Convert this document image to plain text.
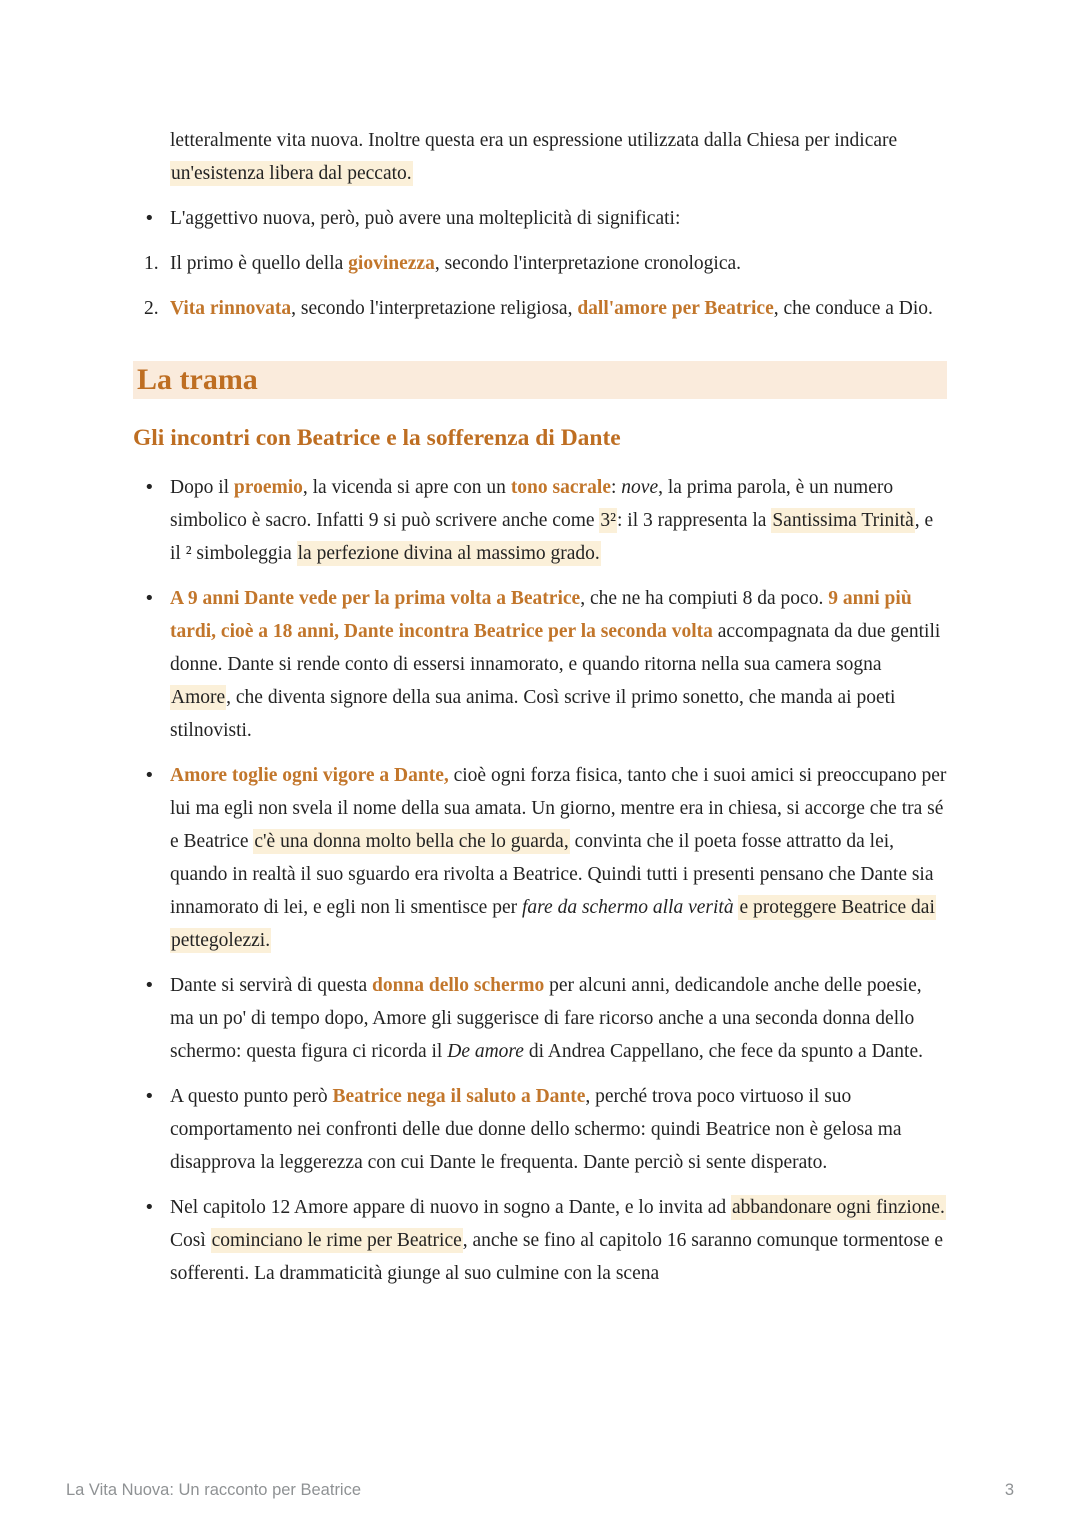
letteralmente vita nuova. Inoltre questa era un espressione utilizzata dalla Chiesa per indicare un'esistenza libera dal peccato.

• L'aggettivo nuova, però, può avere una molteplicità di significati:
1. Il primo è quello della giovinezza, secondo l'interpretazione cronologica.
2. Vita rinnovata, secondo l'interpretazione religiosa, dall'amore per Beatrice, che conduce a Dio.
La trama
Gli incontri con Beatrice e la sofferenza di Dante
• Dopo il proemio, la vicenda si apre con un tono sacrale: nove, la prima parola, è un numero simbolico è sacro. Infatti 9 si può scrivere anche come 3²: il 3 rappresenta la Santissima Trinità, e il ² simboleggia la perfezione divina al massimo grado.
• A 9 anni Dante vede per la prima volta a Beatrice, che ne ha compiuti 8 da poco. 9 anni più tardi, cioè a 18 anni, Dante incontra Beatrice per la seconda volta accompagnata da due gentili donne. Dante si rende conto di essersi innamorato, e quando ritorna nella sua camera sogna Amore, che diventa signore della sua anima. Così scrive il primo sonetto, che manda ai poeti stilnovisti.
• Amore toglie ogni vigore a Dante, cioè ogni forza fisica, tanto che i suoi amici si preoccupano per lui ma egli non svela il nome della sua amata. Un giorno, mentre era in chiesa, si accorge che tra sé e Beatrice c'è una donna molto bella che lo guarda, convinta che il poeta fosse attratto da lei, quando in realtà il suo sguardo era rivolta a Beatrice. Quindi tutti i presenti pensano che Dante sia innamorato di lei, e egli non li smentisce per fare da schermo alla verità e proteggere Beatrice dai pettegolezzi.
• Dante si servirà di questa donna dello schermo per alcuni anni, dedicandole anche delle poesie, ma un po' di tempo dopo, Amore gli suggerisce di fare ricorso anche a una seconda donna dello schermo: questa figura ci ricorda il De amore di Andrea Cappellano, che fece da spunto a Dante.
• A questo punto però Beatrice nega il saluto a Dante, perché trova poco virtuoso il suo comportamento nei confronti delle due donne dello schermo: quindi Beatrice non è gelosa ma disapprova la leggerezza con cui Dante le frequenta. Dante perciò si sente disperato.
• Nel capitolo 12 Amore appare di nuovo in sogno a Dante, e lo invita ad abbandonare ogni finzione. Così cominciano le rime per Beatrice, anche se fino al capitolo 16 saranno comunque tormentose e sofferenti. La drammaticità giunge al suo culmine con la scena
La Vita Nuova: Un racconto per Beatrice	3
